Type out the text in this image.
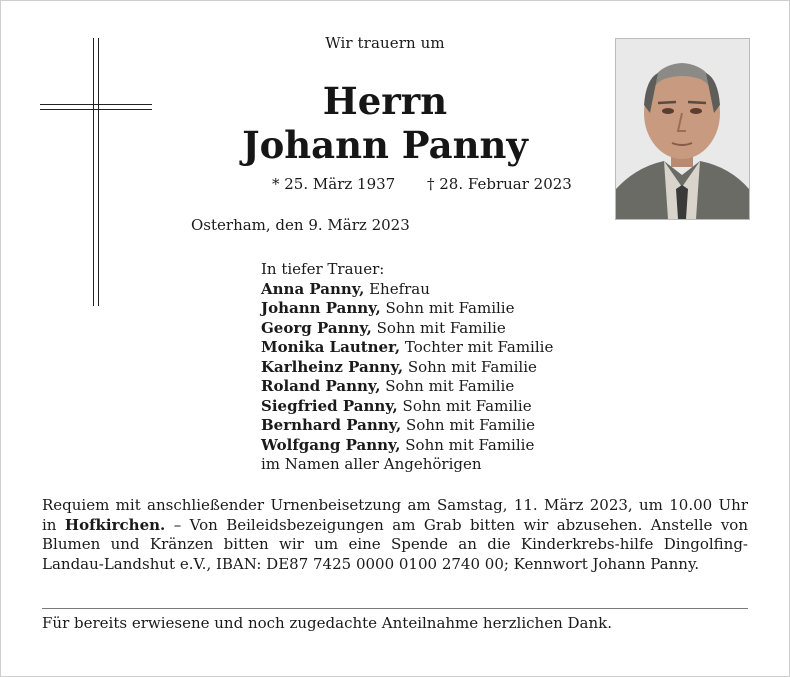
Wir trauern um
Herrn
Johann Panny
* 25. März 1937 † 28. Februar 2023
Osterham, den 9. März 2023
In tiefer Trauer:
Anna Panny, Ehefrau
Johann Panny, Sohn mit Familie
Georg Panny, Sohn mit Familie
Monika Lautner, Tochter mit Familie
Karlheinz Panny, Sohn mit Familie
Roland Panny, Sohn mit Familie
Siegfried Panny, Sohn mit Familie
Bernhard Panny, Sohn mit Familie
Wolfgang Panny, Sohn mit Familie
im Namen aller Angehörigen
Requiem mit anschließender Urnenbeisetzung am Samstag, 11. März 2023, um 10.00 Uhr in Hofkirchen. – Von Beileidsbezeigungen am Grab bitten wir abzusehen. Anstelle von Blumen und Kränzen bitten wir um eine Spende an die Kinderkrebs-hilfe Dingolfing-Landau-Landshut e.V., IBAN: DE87 7425 0000 0100 2740 00; Kennwort Johann Panny.
Für bereits erwiesene und noch zugedachte Anteilnahme herzlichen Dank.
